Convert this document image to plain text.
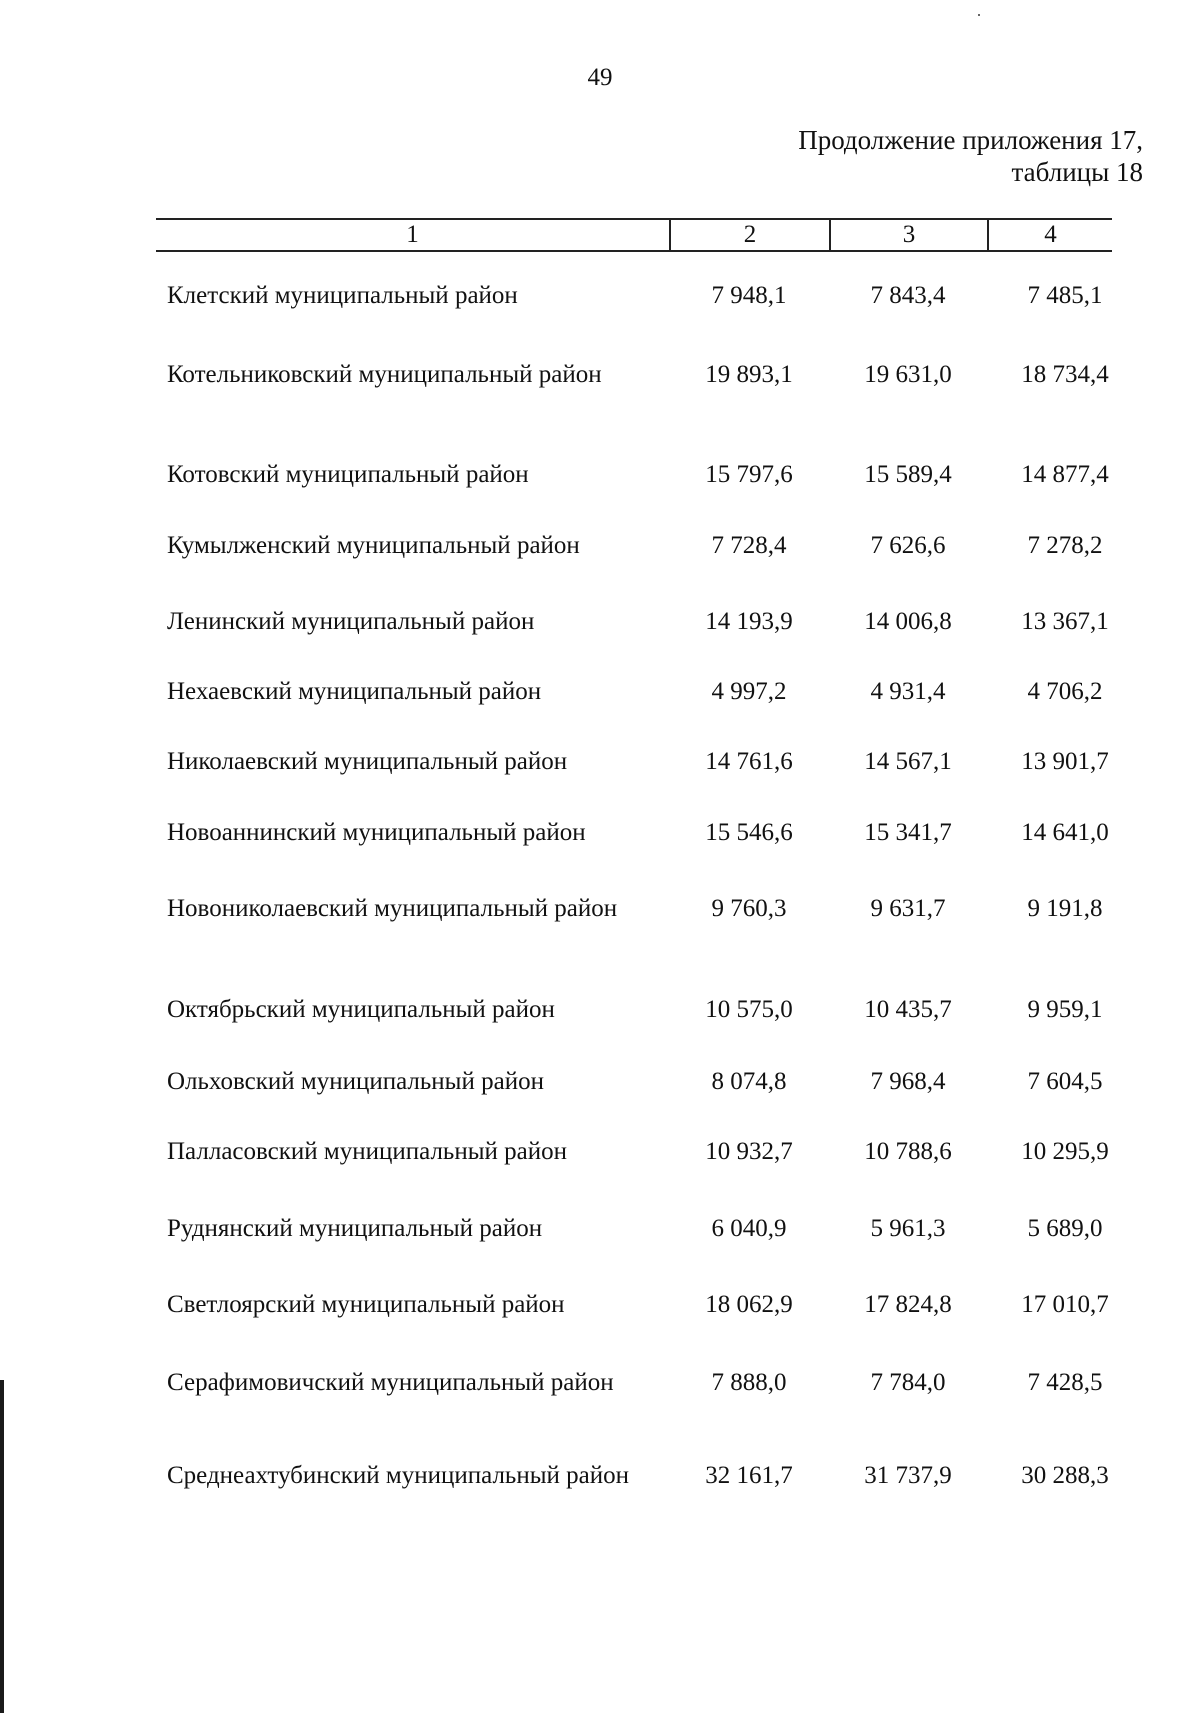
49
Продолжение приложения 17,
таблицы 18
1	2	3	4
Клетский муниципальный район	7 948,1	7 843,4	7 485,1
Котельниковский муниципальный район	19 893,1	19 631,0	18 734,4
Котовский муниципальный район	15 797,6	15 589,4	14 877,4
Кумылженский муниципальный район	7 728,4	7 626,6	7 278,2
Ленинский муниципальный район	14 193,9	14 006,8	13 367,1
Нехаевский муниципальный район	4 997,2	4 931,4	4 706,2
Николаевский муниципальный район	14 761,6	14 567,1	13 901,7
Новоаннинский муниципальный район	15 546,6	15 341,7	14 641,0
Новониколаевский муниципальный район	9 760,3	9 631,7	9 191,8
Октябрьский муниципальный район	10 575,0	10 435,7	9 959,1
Ольховский муниципальный район	8 074,8	7 968,4	7 604,5
Палласовский муниципальный район	10 932,7	10 788,6	10 295,9
Руднянский муниципальный район	6 040,9	5 961,3	5 689,0
Светлоярский муниципальный район	18 062,9	17 824,8	17 010,7
Серафимовичский муниципальный район	7 888,0	7 784,0	7 428,5
Среднеахтубинский муниципальный район	32 161,7	31 737,9	30 288,3
